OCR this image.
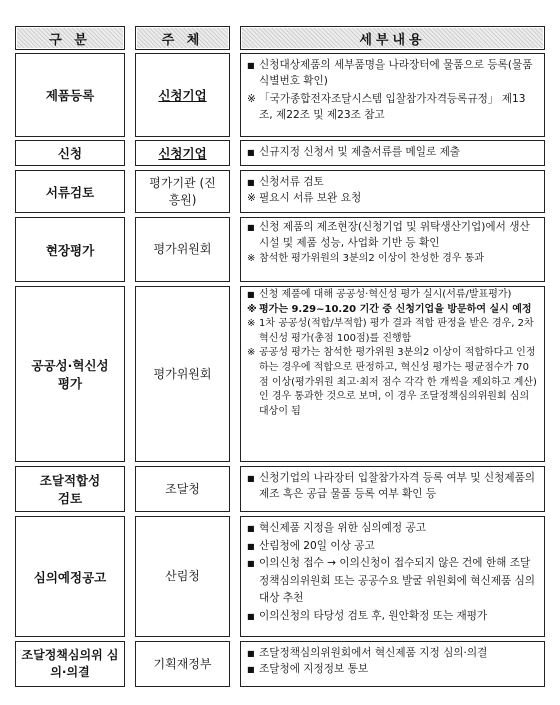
구 분	주 체	세부내용
제품등록	신청기업
■ 신청대상제품의 세부품명을 나라장터에 물품으로 등록(물품식별번호 확인)
※ 「국가종합전자조달시스템 입찰참가자격등록규정」 제13조, 제22조 및 제23조 참고
신청	신청기업
■	신규지정 신청서 및 제출서류를 메일로 제출
서류검토
평가기관 (진흥원)
■ 신청서류 검토
※ 필요시 서류 보완 요청
현장평가	평가위원회
■ 신청 제품의 제조현장(신청기업 및 위탁생산기업)에서 생산시설 및 제품 성능, 사업화 기반 등 확인
※ 참석한 평가위원의 3분의2 이상이 찬성한 경우 통과
공공성·혁신성 평가
평가위원회
■ 신청 제품에 대해 공공성·혁신성 평가 실시(서류/발표평가)
※ 평가는 9.29~10.20 기간 중 신청기업을 방문하여 실시 예정
※ 1차 공공성(적합/부적합) 평가 결과 적합 판정을 받은 경우, 2차 혁신성 평가(총점 100점)를 진행함
※ 공공성 평가는 참석한 평가위원 3분의2 이상이 적합하다고 인정하는 경우에 적합으로 판정하고, 혁신성 평가는 평균점수가 70점 이상(평가위원 최고·최저 점수 각각 한 개씩을 제외하고 계산)인 경우 통과한 것으로 보며, 이 경우 조달정책심의위원회 심의 대상이 됨
조달적합성 검토
조달청
■ 신청기업의 나라장터 입찰참가자격 등록 여부 및 신청제품의 제조 혹은 공급 물품 등록 여부 확인 등
심의예정공고	산림청
■ 혁신제품 지정을 위한 심의예정 공고
■ 산림청에 20일 이상 공고
■ 이의신청 접수 → 이의신청이 접수되지 않은 건에 한해 조달정책심의위원회 또는 공공수요 발굴 위원회에 혁신제품 심의 대상 추천
■ 이의신청의 타당성 검토 후, 원안확정 또는 재평가
조달정책심의위 심의·의결
기획재정부
■ 조달정책심의위원회에서 혁신제품 지정 심의·의결
■ 조달청에 지정정보 통보
